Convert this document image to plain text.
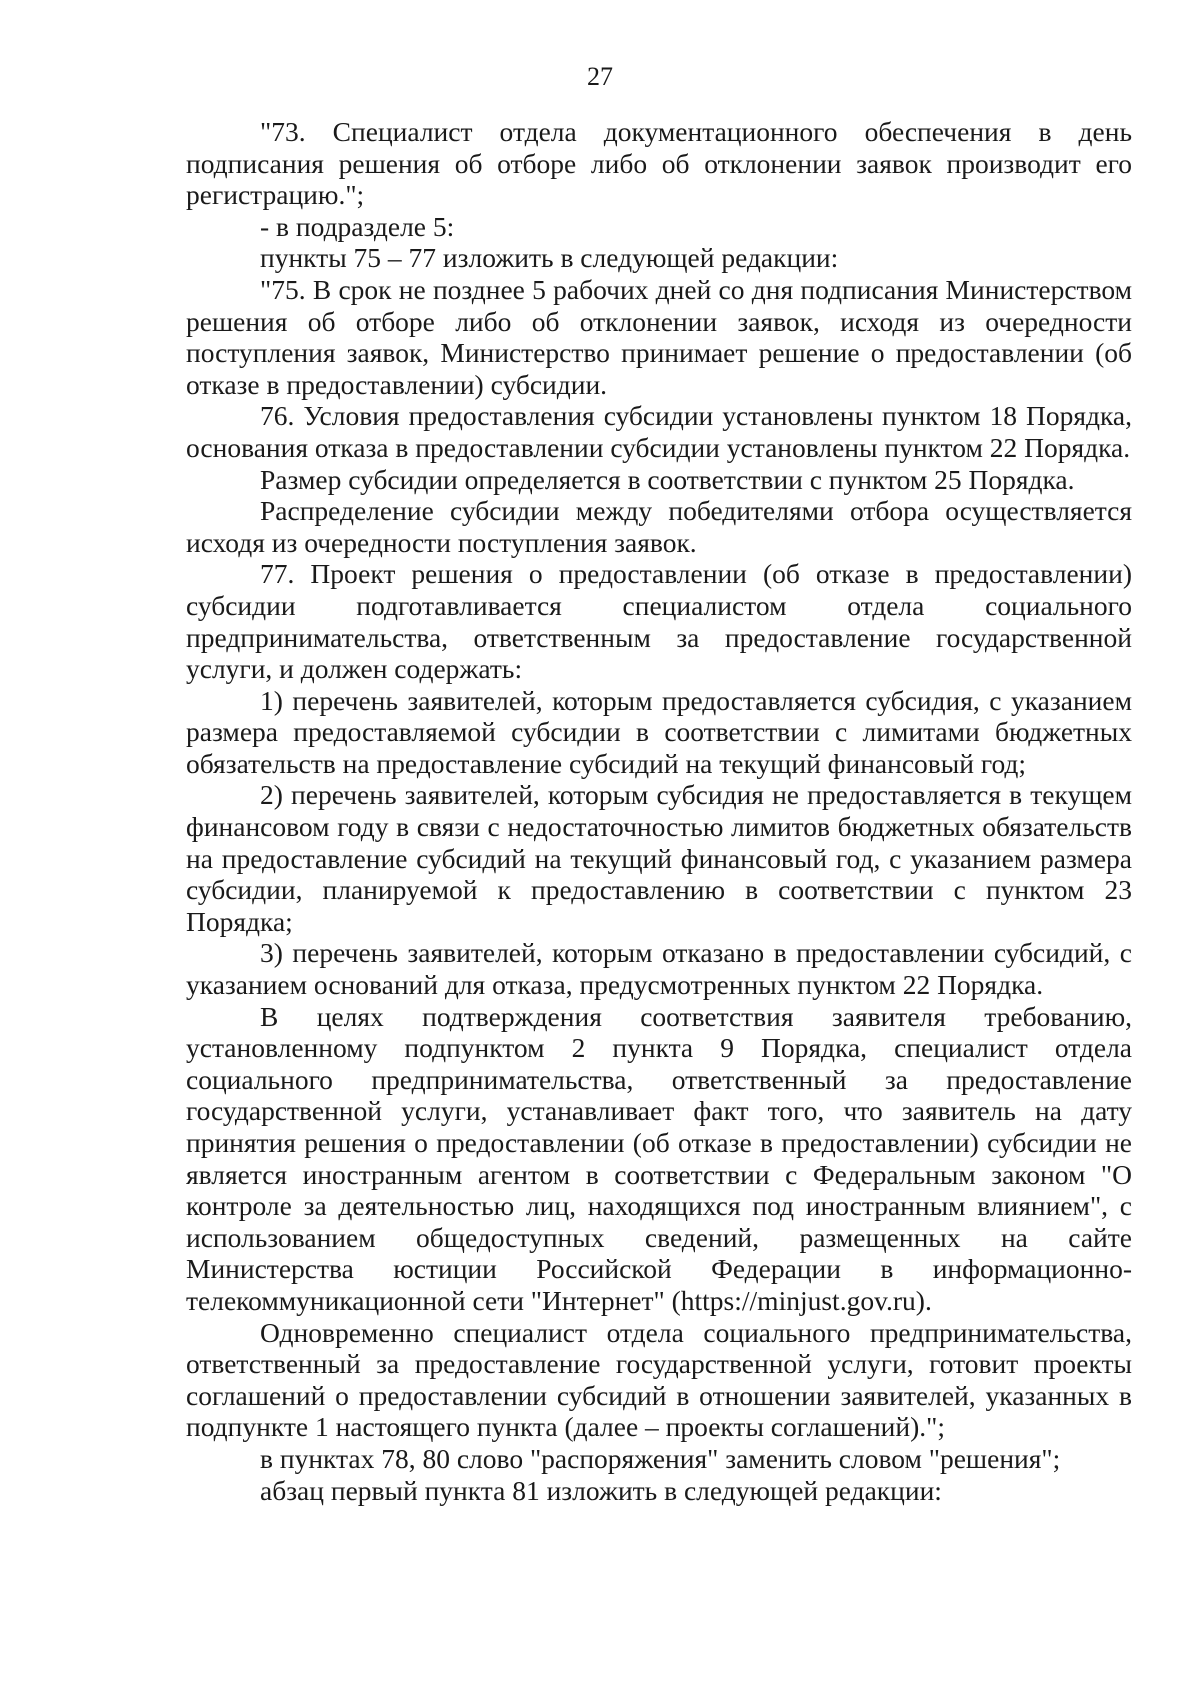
27

"73. Специалист отдела документационного обеспечения в день подписания решения об отборе либо об отклонении заявок производит его регистрацию.";

- в подразделе 5:

пункты 75 – 77 изложить в следующей редакции:

"75. В срок не позднее 5 рабочих дней со дня подписания Министерством решения об отборе либо об отклонении заявок, исходя из очередности поступления заявок, Министерство принимает решение о предоставлении (об отказе в предоставлении) субсидии.

76. Условия предоставления субсидии установлены пунктом 18 Порядка, основания отказа в предоставлении субсидии установлены пунктом 22 Порядка.

Размер субсидии определяется в соответствии с пунктом 25 Порядка.

Распределение субсидии между победителями отбора осуществляется исходя из очередности поступления заявок.

77. Проект решения о предоставлении (об отказе в предоставлении) субсидии подготавливается специалистом отдела социального предпринимательства, ответственным за предоставление государственной услуги, и должен содержать:

1) перечень заявителей, которым предоставляется субсидия, с указанием размера предоставляемой субсидии в соответствии с лимитами бюджетных обязательств на предоставление субсидий на текущий финансовый год;

2) перечень заявителей, которым субсидия не предоставляется в текущем финансовом году в связи с недостаточностью лимитов бюджетных обязательств на предоставление субсидий на текущий финансовый год, с указанием размера субсидии, планируемой к предоставлению в соответствии с пунктом 23 Порядка;

3) перечень заявителей, которым отказано в предоставлении субсидий, с указанием оснований для отказа, предусмотренных пунктом 22 Порядка.

В целях подтверждения соответствия заявителя требованию, установленному подпунктом 2 пункта 9 Порядка, специалист отдела социального предпринимательства, ответственный за предоставление государственной услуги, устанавливает факт того, что заявитель на дату принятия решения о предоставлении (об отказе в предоставлении) субсидии не является иностранным агентом в соответствии с Федеральным законом "О контроле за деятельностью лиц, находящихся под иностранным влиянием", с использованием общедоступных сведений, размещенных на сайте Министерства юстиции Российской Федерации в информационно-телекоммуникационной сети "Интернет" (https://minjust.gov.ru).

Одновременно специалист отдела социального предпринимательства, ответственный за предоставление государственной услуги, готовит проекты соглашений о предоставлении субсидий в отношении заявителей, указанных в подпункте 1 настоящего пункта (далее – проекты соглашений).";

в пунктах 78, 80 слово "распоряжения" заменить словом "решения";

абзац первый пункта 81 изложить в следующей редакции:
